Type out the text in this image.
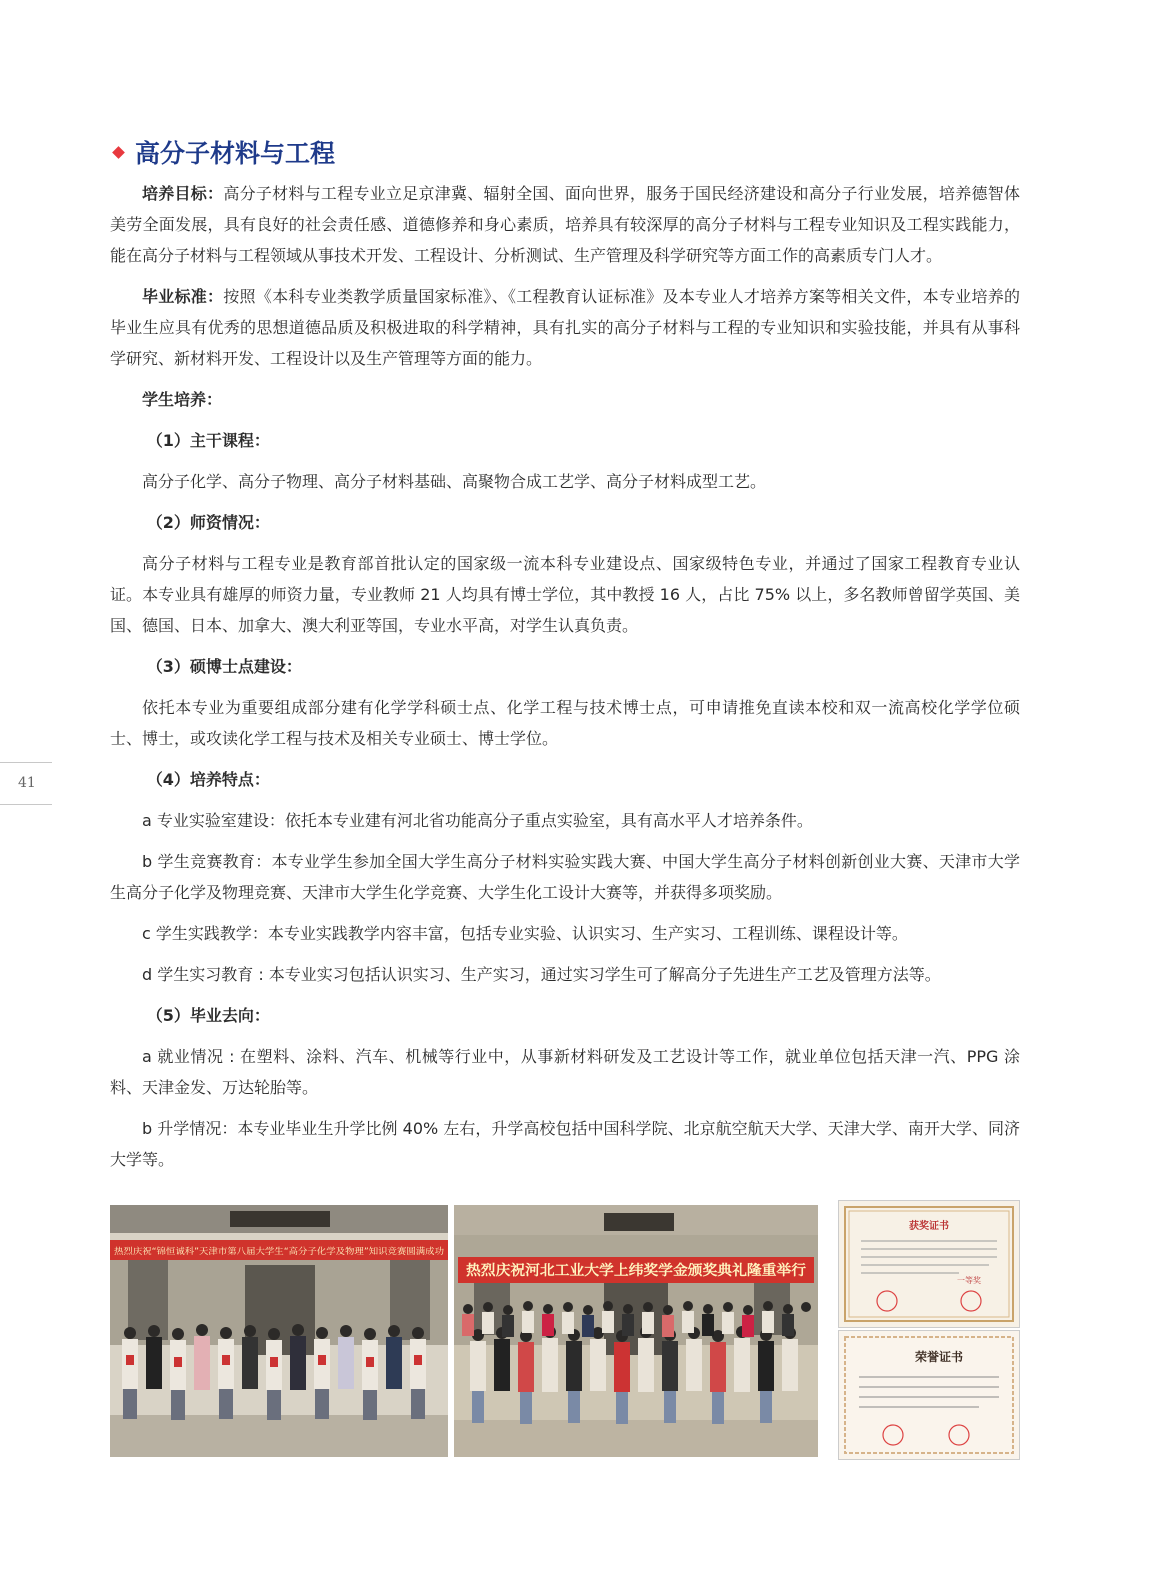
41
高分子材料与工程

培养目标：高分子材料与工程专业立足京津冀、辐射全国、面向世界，服务于国民经济建设和高分子行业发展，培养德智体美劳全面发展，具有良好的社会责任感、道德修养和身心素质，培养具有较深厚的高分子材料与工程专业知识及工程实践能力，能在高分子材料与工程领域从事技术开发、工程设计、分析测试、生产管理及科学研究等方面工作的高素质专门人才。

毕业标准：按照《本科专业类教学质量国家标准》、《工程教育认证标准》及本专业人才培养方案等相关文件，本专业培养的毕业生应具有优秀的思想道德品质及积极进取的科学精神，具有扎实的高分子材料与工程的专业知识和实验技能，并具有从事科学研究、新材料开发、工程设计以及生产管理等方面的能力。

学生培养：

（1）主干课程：

高分子化学、高分子物理、高分子材料基础、高聚物合成工艺学、高分子材料成型工艺。

（2）师资情况：

高分子材料与工程专业是教育部首批认定的国家级一流本科专业建设点、国家级特色专业，并通过了国家工程教育专业认证。本专业具有雄厚的师资力量，专业教师 21 人均具有博士学位，其中教授 16 人，占比 75% 以上，多名教师曾留学英国、美国、德国、日本、加拿大、澳大利亚等国，专业水平高，对学生认真负责。

（3）硕博士点建设：

依托本专业为重要组成部分建有化学学科硕士点、化学工程与技术博士点，可申请推免直读本校和双一流高校化学学位硕士、博士，或攻读化学工程与技术及相关专业硕士、博士学位。

（4）培养特点：

a 专业实验室建设：依托本专业建有河北省功能高分子重点实验室，具有高水平人才培养条件。

b 学生竞赛教育：本专业学生参加全国大学生高分子材料实验实践大赛、中国大学生高分子材料创新创业大赛、天津市大学生高分子化学及物理竞赛、天津市大学生化学竞赛、大学生化工设计大赛等，并获得多项奖励。

c 学生实践教学：本专业实践教学内容丰富，包括专业实验、认识实习、生产实习、工程训练、课程设计等。

d 学生实习教育 : 本专业实习包括认识实习、生产实习，通过实习学生可了解高分子先进生产工艺及管理方法等。

（5）毕业去向：

a 就业情况 : 在塑料、涂料、汽车、机械等行业中，从事新材料研发及工艺设计等工作，就业单位包括天津一汽、PPG 涂料、天津金发、万达轮胎等。

b 升学情况：本专业毕业生升学比例 40% 左右，升学高校包括中国科学院、北京航空航天大学、天津大学、南开大学、同济大学等。

热烈庆祝“锦恒诚科”天津市第八届大学生“高分子化学及物理”知识竞赛圆满成功
热烈庆祝河北工业大学上纬奖学金颁奖典礼隆重举行
获奖证书
一等奖
荣誉证书
